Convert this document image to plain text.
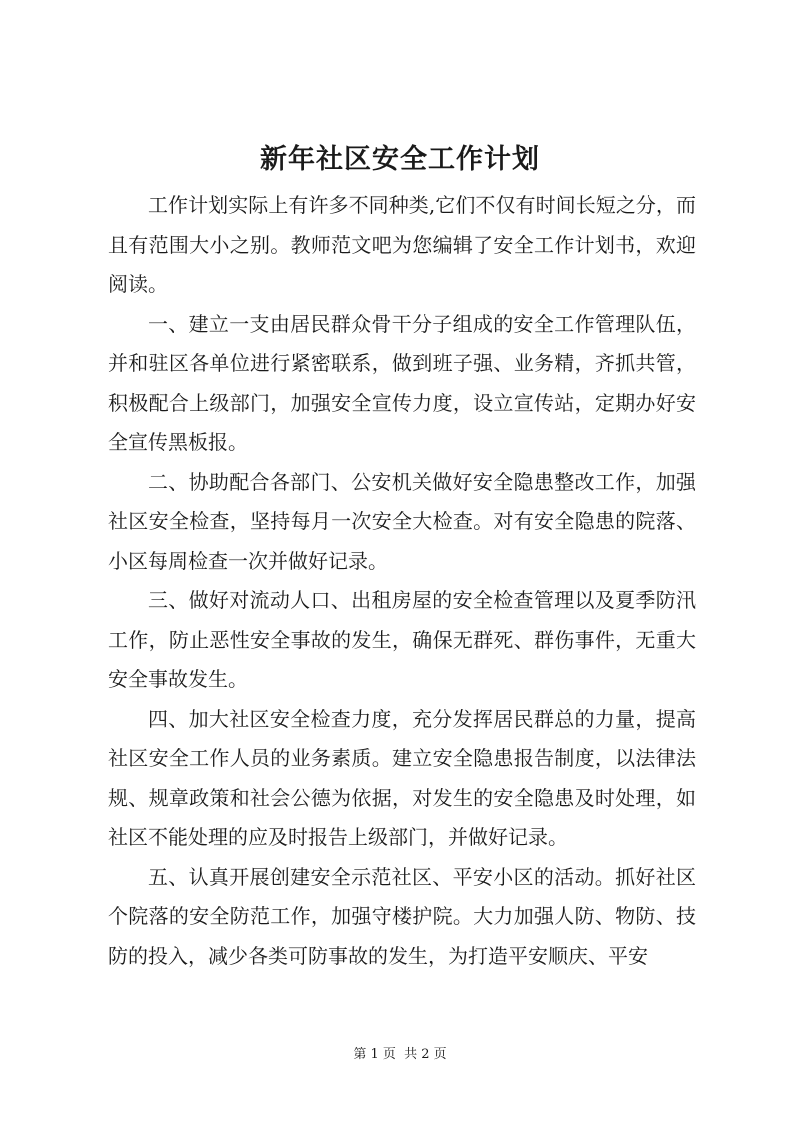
新年社区安全工作计划

工作计划实际上有许多不同种类,它们不仅有时间长短之分，而且有范围大小之别。教师范文吧为您编辑了安全工作计划书，欢迎阅读。

一、建立一支由居民群众骨干分子组成的安全工作管理队伍，并和驻区各单位进行紧密联系，做到班子强、业务精，齐抓共管，积极配合上级部门，加强安全宣传力度，设立宣传站，定期办好安全宣传黑板报。

二、协助配合各部门、公安机关做好安全隐患整改工作，加强社区安全检查，坚持每月一次安全大检查。对有安全隐患的院落、小区每周检查一次并做好记录。

三、做好对流动人口、出租房屋的安全检查管理以及夏季防汛工作，防止恶性安全事故的发生，确保无群死、群伤事件，无重大安全事故发生。

四、加大社区安全检查力度，充分发挥居民群总的力量，提高社区安全工作人员的业务素质。建立安全隐患报告制度，以法律法规、规章政策和社会公德为依据，对发生的安全隐患及时处理，如社区不能处理的应及时报告上级部门，并做好记录。

五、认真开展创建安全示范社区、平安小区的活动。抓好社区个院落的安全防范工作，加强守楼护院。大力加强人防、物防、技防的投入，减少各类可防事故的发生，为打造平安顺庆、平安

第 1 页  共 2 页
